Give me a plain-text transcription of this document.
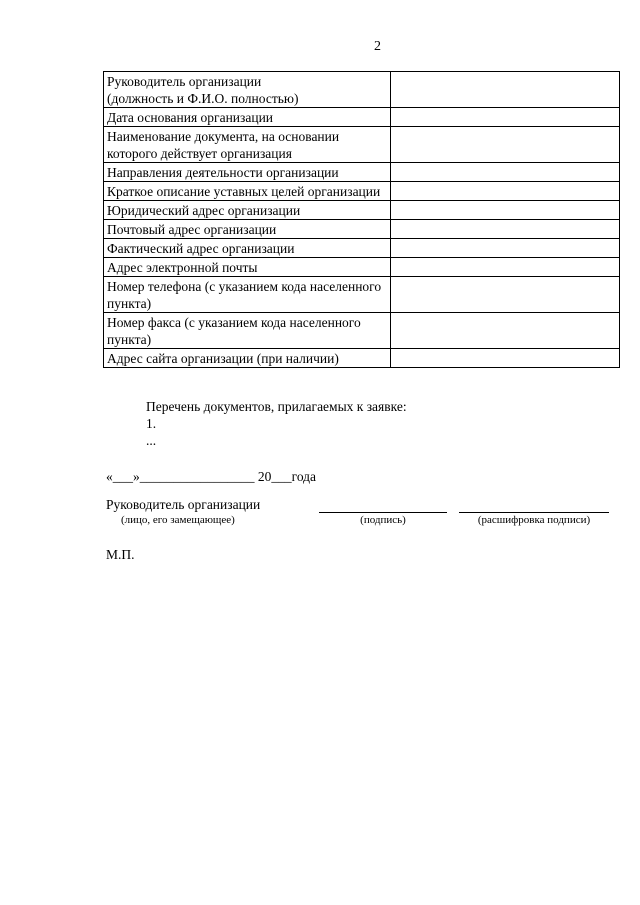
2
Руководитель организации
(должность и Ф.И.О. полностью)	

Дата основания организации	
Наименование документа, на основании которого действует организация	
Направления деятельности организации	
Краткое описание уставных целей организации	
Юридический адрес организации	
Почтовый адрес организации	
Фактический адрес организации	
Адрес электронной почты	
Номер телефона (с указанием кода населенного пункта)	
Номер факса (с указанием кода населенного пункта)	
Адрес сайта организации (при наличии)	
Перечень документов, прилагаемых к заявке:
1.
...
«___»_________________ 20___года
Руководитель организации
(лицо, его замещающее)	(подпись)	(расшифровка подписи)
М.П.
